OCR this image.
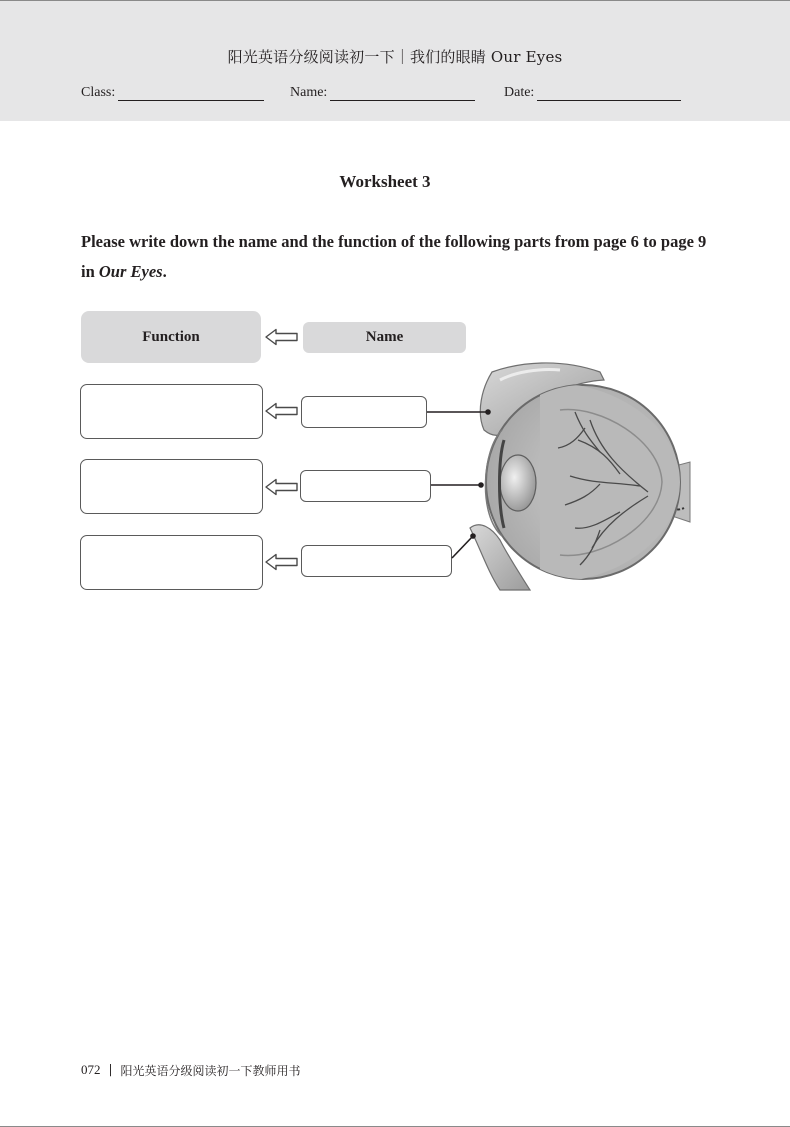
阳光英语分级阅读初一下｜我们的眼睛 Our Eyes
Class:	Name:	Date:
Worksheet 3
Please write down the name and the function of the following parts from page 6 to page 9 in Our Eyes.
Function	Name
072 | 阳光英语分级阅读初一下教师用书
